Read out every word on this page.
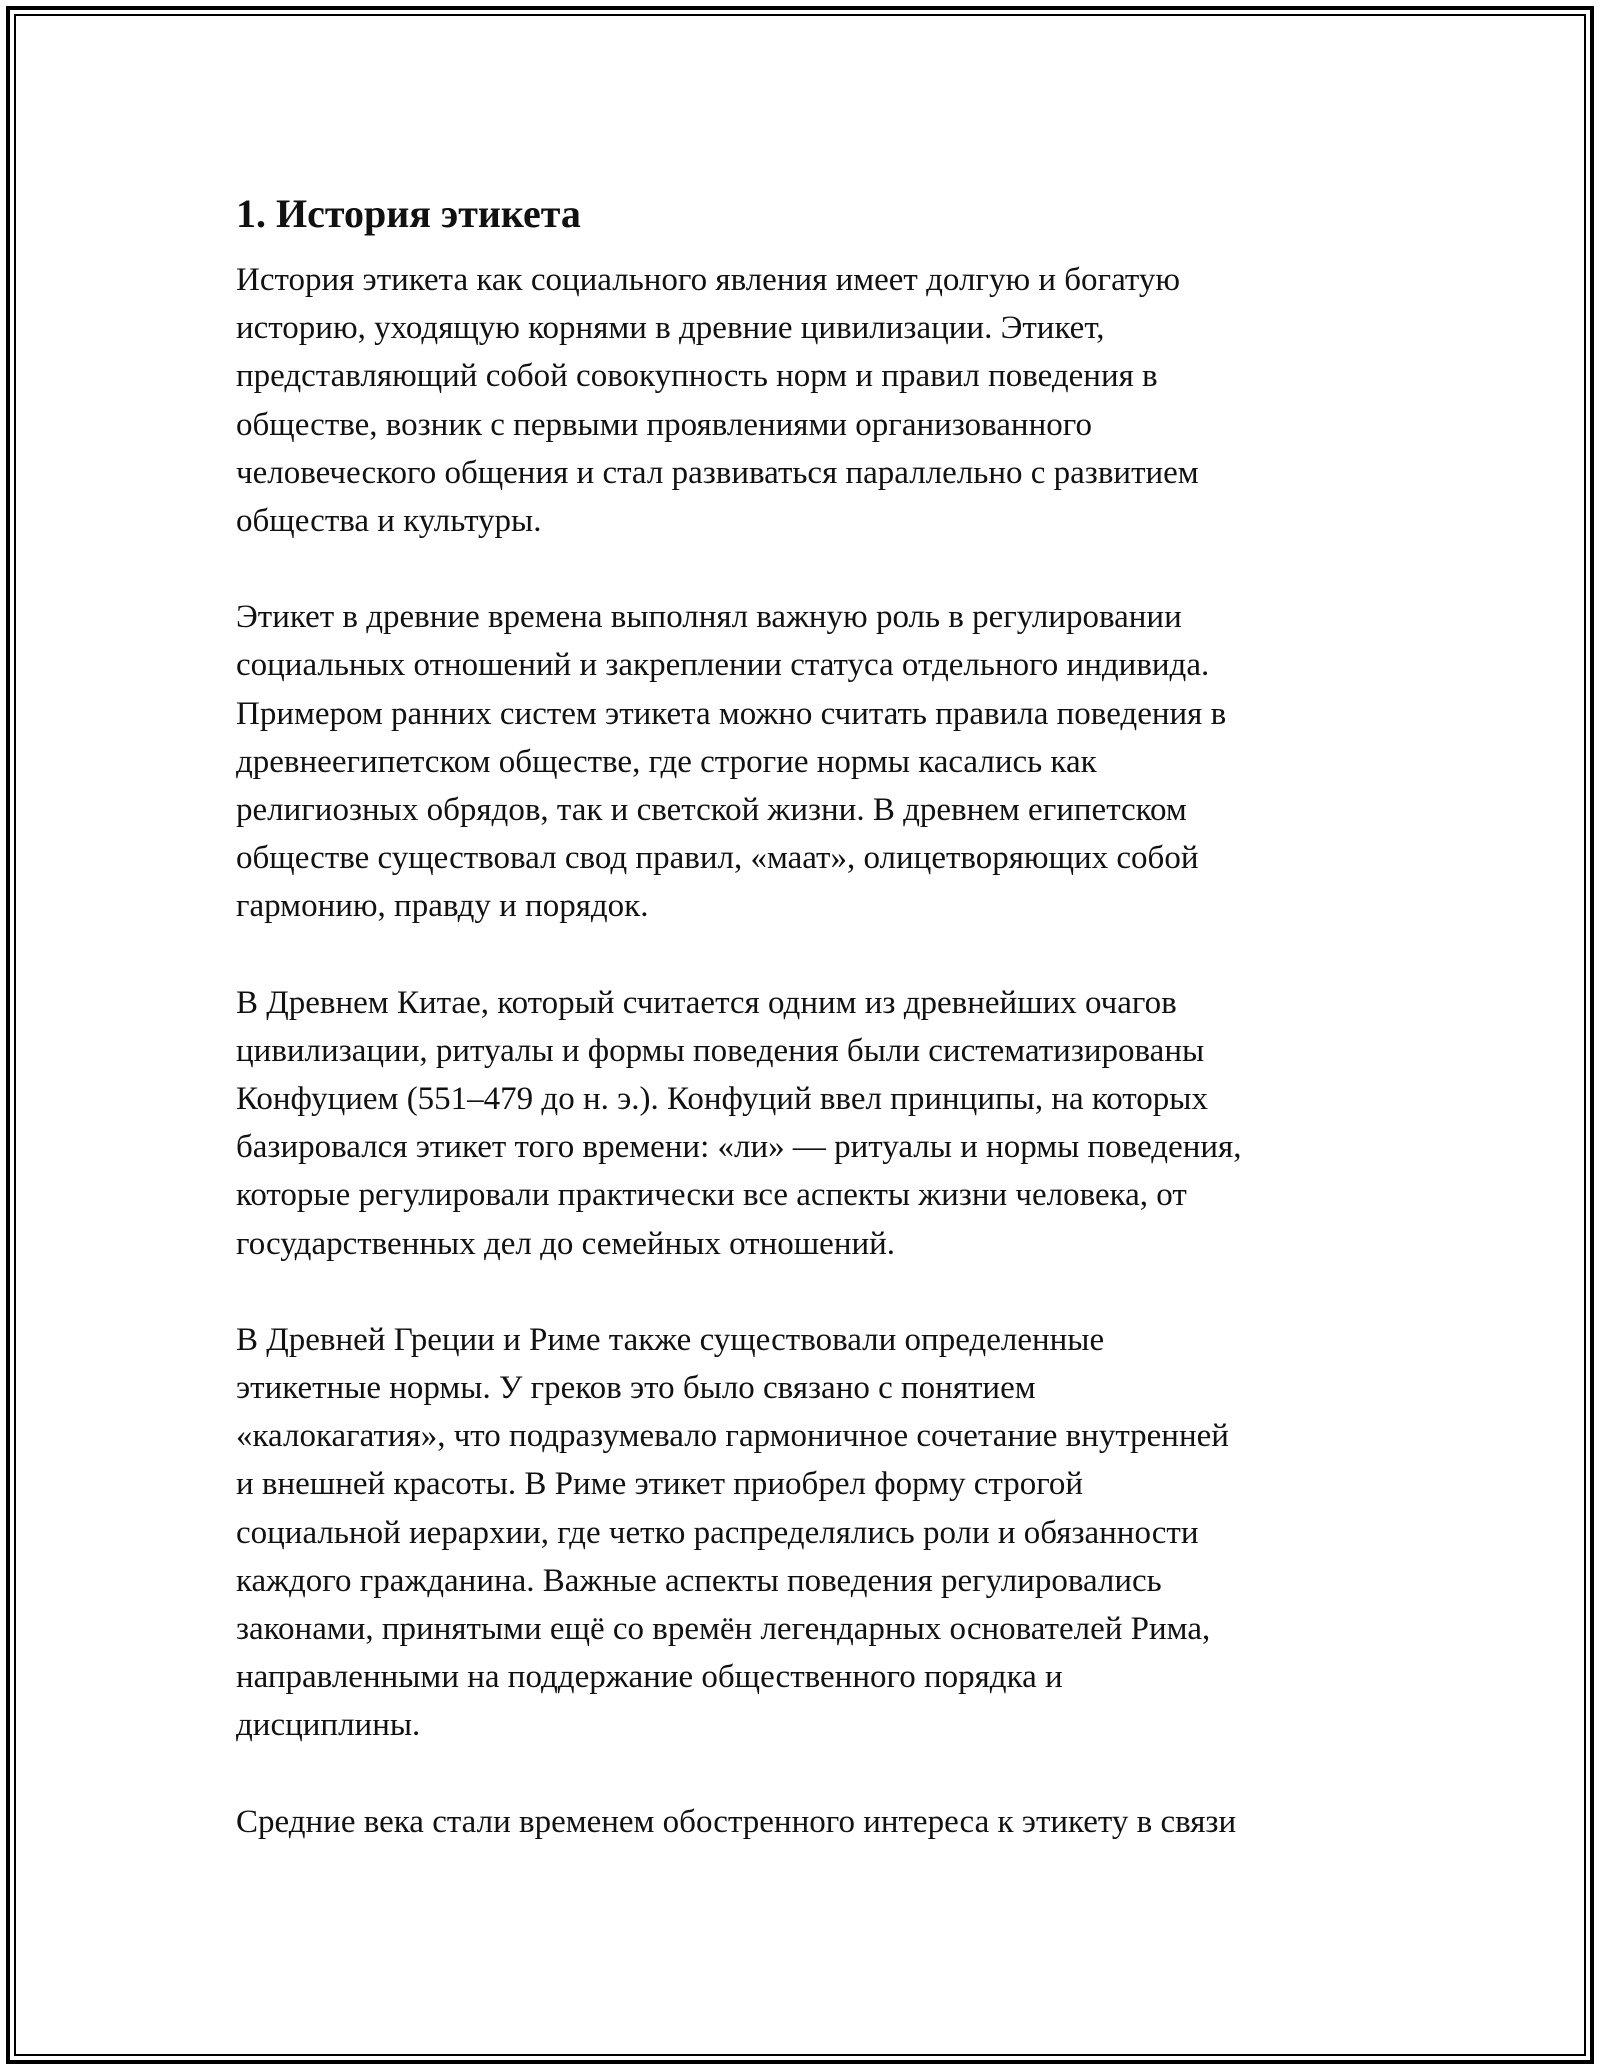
1. История этикета

История этикета как социального явления имеет долгую и богатую
историю, уходящую корнями в древние цивилизации. Этикет,
представляющий собой совокупность норм и правил поведения в
обществе, возник с первыми проявлениями организованного
человеческого общения и стал развиваться параллельно с развитием
общества и культуры.

Этикет в древние времена выполнял важную роль в регулировании
социальных отношений и закреплении статуса отдельного индивида.
Примером ранних систем этикета можно считать правила поведения в
древнеегипетском обществе, где строгие нормы касались как
религиозных обрядов, так и светской жизни. В древнем египетском
обществе существовал свод правил, «маат», олицетворяющих собой
гармонию, правду и порядок.

В Древнем Китае, который считается одним из древнейших очагов
цивилизации, ритуалы и формы поведения были систематизированы
Конфуцием (551–479 до н. э.). Конфуций ввел принципы, на которых
базировался этикет того времени: «ли» — ритуалы и нормы поведения,
которые регулировали практически все аспекты жизни человека, от
государственных дел до семейных отношений.

В Древней Греции и Риме также существовали определенные
этикетные нормы. У греков это было связано с понятием
«калокагатия», что подразумевало гармоничное сочетание внутренней
и внешней красоты. В Риме этикет приобрел форму строгой
социальной иерархии, где четко распределялись роли и обязанности
каждого гражданина. Важные аспекты поведения регулировались
законами, принятыми ещё со времён легендарных основателей Рима,
направленными на поддержание общественного порядка и
дисциплины.

Средние века стали временем обостренного интереса к этикету в связи
